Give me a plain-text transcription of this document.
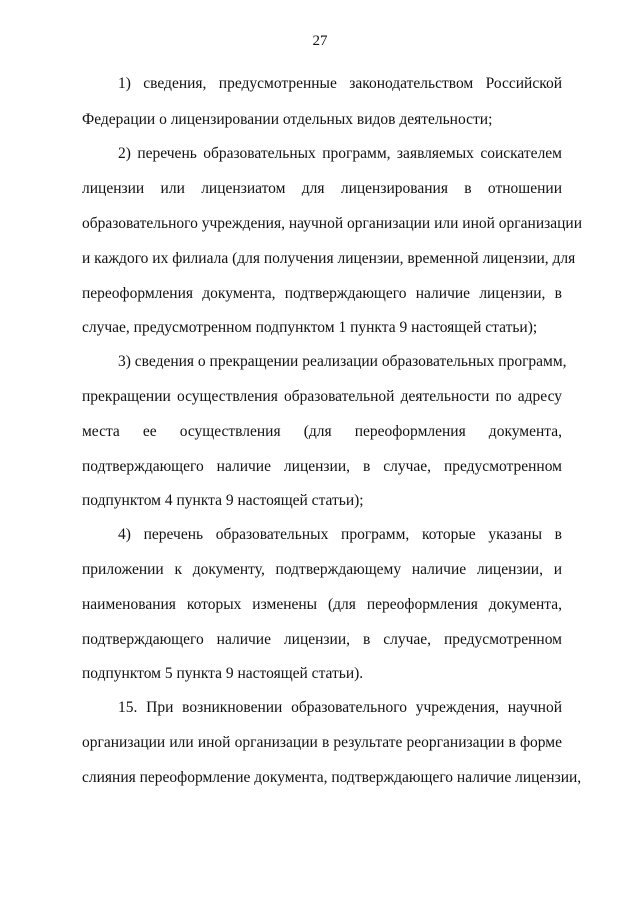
27
1) сведения, предусмотренные законодательством Российской
Федерации о лицензировании отдельных видов деятельности;
2) перечень образовательных программ, заявляемых соискателем
лицензии или лицензиатом для лицензирования в отношении
образовательного учреждения, научной организации или иной организации
и каждого их филиала (для получения лицензии, временной лицензии, для
переоформления документа, подтверждающего наличие лицензии, в
случае, предусмотренном подпунктом 1 пункта 9 настоящей статьи);
3) сведения о прекращении реализации образовательных программ,
прекращении осуществления образовательной деятельности по адресу
места ее осуществления (для переоформления документа,
подтверждающего наличие лицензии, в случае, предусмотренном
подпунктом 4 пункта 9 настоящей статьи);
4) перечень образовательных программ, которые указаны в
приложении к документу, подтверждающему наличие лицензии, и
наименования которых изменены (для переоформления документа,
подтверждающего наличие лицензии, в случае, предусмотренном
подпунктом 5 пункта 9 настоящей статьи).
15. При возникновении образовательного учреждения, научной
организации или иной организации в результате реорганизации в форме
слияния переоформление документа, подтверждающего наличие лицензии,
